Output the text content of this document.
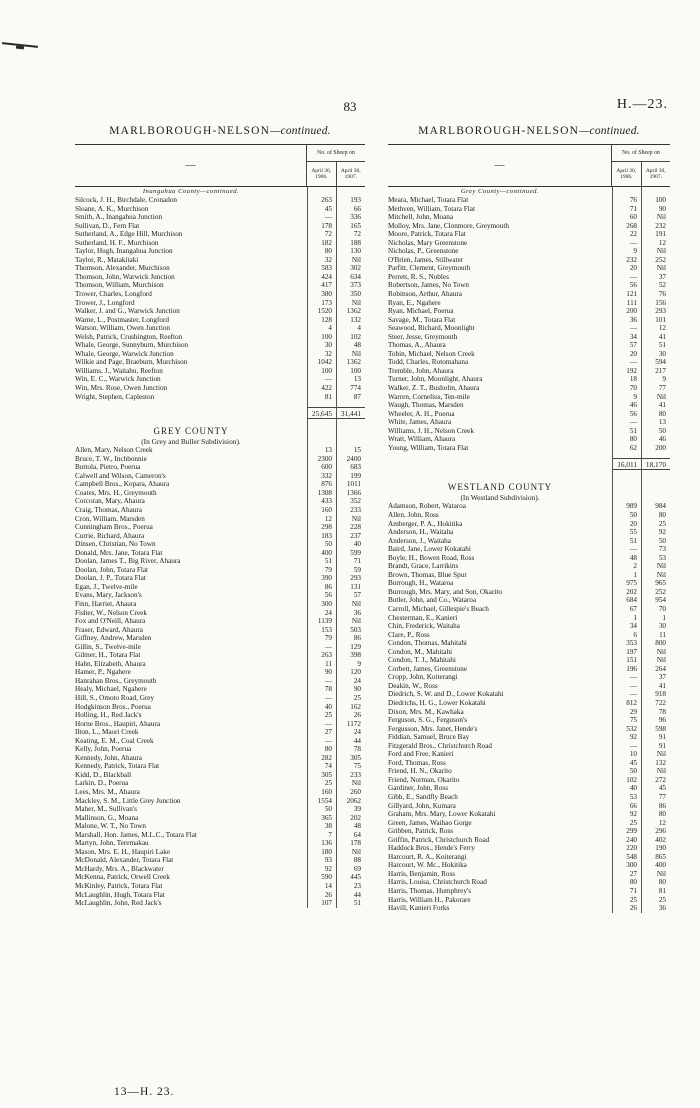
83	H.—23.
MARLBOROUGH-NELSON—continued.
—
No. of Sheep on
April 30, 1906.
April 30, 1907.
Inangahua County—continued.
Silcock, J. H., Birchdale, Cronadon	263	193
Sloane, A. K., Murchison	45	66
Smith, A., Inangahua Junction	—	336
Sullivan, D., Fern Flat	178	165
Sutherland, A., Edge Hill, Murchison	72	72
Sutherland, H. F., Murchison	182	188
Taylor, Hugh, Inangahua Junction	80	130
Taylor, R., Matakitaki	32	Nil
Thomson, Alexander, Murchison	583	302
Thomson, John, Warwick Junction	424	634
Thomson, William, Murchison	417	373
Trower, Charles, Longford	380	350
Trower, J., Longford	173	Nil
Walker, J. and G., Warwick Junction	1520	1362
Warne, L., Postmaster, Longford	128	132
Watson, William, Owen Junction	4	4
Welsh, Patrick, Crushington, Reefton	100	102
Whale, George, Sunnyburn, Murchison	30	48
Whale, George, Warwick Junction	32	Nil
Wilkie and Page, Braeburn, Murchison	1042	1362
Williams, J., Waitahu, Reefton	100	100
Win, E. C., Warwick Junction	—	13
Win, Mrs. Rose, Owen Junction	422	774
Wright, Stephen, Capleston	81	87
25,645	31,441
GREY COUNTY
(In Grey and Buller Subdivision).
Allen, Mary, Nelson Creek	13	15
Bruce, T. W., Inchbonnie	2300	2400
Buttola, Pietro, Poerua	600	683
Calwell and Wilson, Cameron's	332	199
Campbell Bros., Kopara, Ahaura	876	1011
Coates, Mrs. H., Greymouth	1308	1366
Corcoran, Mary, Ahaura	433	352
Craig, Thomas, Ahaura	160	233
Cron, William, Marsden	12	Nil
Cunningham Bros., Poerua	298	228
Currie, Richard, Ahaura	183	237
Dinsen, Christian, No Town	50	40
Donald, Mrs. Jane, Totara Flat	400	599
Doolan, James T., Big River, Ahaura	51	71
Doolan, John, Totara Flat	79	59
Doolan, J. P., Totara Flat	390	293
Egan, J., Twelve-mile	86	131
Evans, Mary, Jackson's	56	57
Finn, Harriet, Ahaura	300	Nil
Fisher, W., Nelson Creek	24	36
Fox and O'Neill, Ahaura	1139	Nil
Fraser, Edward, Ahaura	153	503
Giffney, Andrew, Marsden	79	86
Gillin, S., Twelve-mile	—	129
Gilmer, H., Totara Flat	263	398
Hahn, Elizabeth, Ahaura	11	9
Hamer, P., Ngahere	90	120
Hanrahan Bros., Greymouth	—	24
Healy, Michael, Ngahere	78	90
Hill, S., Omoto Road, Grey	—	25
Hodgkinson Bros., Poerua	40	162
Holling, H., Red Jack's	25	26
Horne Bros., Haupiri, Ahaura	—	1172
Ilton, L., Maori Creek	27	24
Keating, E. M., Coal Creek	—	44
Kelly, John, Poerua	80	78
Kennedy, John, Ahaura	282	305
Kennedy, Patrick, Totara Flat	74	75
Kidd, D., Blackball	305	233
Larkin, D., Poerua	25	Nil
Lees, Mrs. M., Ahaura	160	260
Mackley, S. M., Little Grey Junction	1554	2062
Maher, M., Sullivan's	50	39
Mallinson, G., Moana	365	202
Malone, W. T., No Town	38	48
Marshall, Hon. James, M.L.C., Totara Flat	7	64
Martyn, John, Teremakau	136	178
Mason, Mrs. E. H., Haupiri Lake	180	Nil
McDonald, Alexander, Totara Flat	93	88
McHardy, Mrs. A., Blackwater	92	69
McKenna, Patrick, Orwell Creek	590	445
McKinley, Patrick, Totara Flat	14	23
McLaughlin, Hugh, Totara Flat	26	44
McLaughlin, John, Red Jack's	107	51
MARLBOROUGH-NELSON—continued.
—
No. of Sheep on
April 30, 1906.
April 30, 1907.
Grey County—continued.
Meara, Michael, Totara Flat	76	100
Methven, William, Totara Flat	71	90
Mitchell, John, Moana	60	Nil
Molloy, Mrs. Jane, Clonmore, Greymouth	268	232
Moore, Patrick, Totara Flat	22	191
Nicholas, Mary Greenstone	—	12
Nicholas, P., Greenstone	9	Nil
O'Brien, James, Stillwater	232	252
Parfitt, Clement, Greymouth	20	Nil
Perrett, R. S., Nobles	—	37
Robertson, James, No Town	56	52
Robinson, Arthur, Ahaura	121	76
Ryan, E., Ngahere	111	156
Ryan, Michael, Poerua	200	293
Savage, M., Totara Flat	36	101
Seawood, Richard, Moonlight	—	12
Steer, Jesse, Greymouth	34	41
Thomas, A., Ahaura	57	51
Tobin, Michael, Nelson Creek	20	30
Todd, Charles, Rotomahana	—	594
Tremble, John, Ahaura	192	217
Turner, John, Moonlight, Ahaura	18	9
Walker, Z. T., Busholm, Ahaura	70	77
Warren, Cornelius, Ten-mile	9	Nil
Waugh, Thomas, Marsden	46	41
Wheeler, A. H., Poerua	56	80
White, James, Ahaura	—	13
Williams, J. H., Nelson Creek	51	50
Wratt, William, Ahaura	80	46
Young, William, Totara Flat	62	200
16,011	18,170
WESTLAND COUNTY
(In Westland Subdivision).
Adamson, Robert, Wataroa	989	984
Allen, John, Ross	50	80
Amberger, P. A., Hokitika	20	25
Anderson, H., Waitaha	55	92
Anderson, J., Waitaha	51	50
Baird, Jane, Lower Kokatahi	—	73
Boyle, H., Bowen Road, Ross	48	53
Brandt, Grace, Larrikins	2	Nil
Brown, Thomas, Blue Spur	1	Nil
Burrough, H., Wataroa	975	965
Burrough, Mrs. Mary, and Son, Okarito	202	252
Butler, John, and Co., Wataroa	684	954
Carroll, Michael, Gillespie's Beach	67	70
Chesterman, E., Kanieri	1	1
Chin, Frederick, Waitaha	34	30
Clare, P., Ross	6	11
Condon, Thomas, Mahitahi	353	800
Condon, M., Mahitahi	197	Nil
Condon, T. J., Mahitahi	151	Nil
Corbett, James, Greenstone	196	264
Cropp, John, Koiterangi	—	37
Deakin, W., Ross	—	41
Diedrich, S. W. and D., Lower Kokatahi	—	918
Diedrichs, H. G., Lower Kokatahi	812	722
Dixon, Mrs. M., Kawhaka	29	78
Ferguson, S. G., Ferguson's	75	96
Fergusson, Mrs. Janet, Hende's	532	598
Fiddian, Samuel, Bruce Bay	92	91
Fitzgerald Bros., Christchurch Road	—	91
Ford and Free, Kanieri	10	Nil
Ford, Thomas, Ross	45	132
Friend, H. N., Okarito	50	Nil
Friend, Norman, Okarito	102	272
Gardiner, John, Ross	40	45
Gibb, E., Sandfly Beach	53	77
Gillyard, John, Kumara	66	86
Graham, Mrs. Mary, Lower Kokatahi	92	80
Green, James, Waihao Gorge	25	12
Gribben, Patrick, Ross	299	296
Griffin, Patrick, Christchurch Road	240	402
Haddock Bros., Hende's Ferry	220	190
Harcourt, R. A., Koiterangi	548	865
Harcourt, W. Mc., Hokitika	300	400
Harris, Benjamin, Ross	27	Nil
Harris, Louisa, Christchurch Road	80	80
Harris, Thomas, Humphrey's	71	81
Harris, William H., Pakorare	25	25
Havill, Kanieri Forks	26	36
13—H. 23.
